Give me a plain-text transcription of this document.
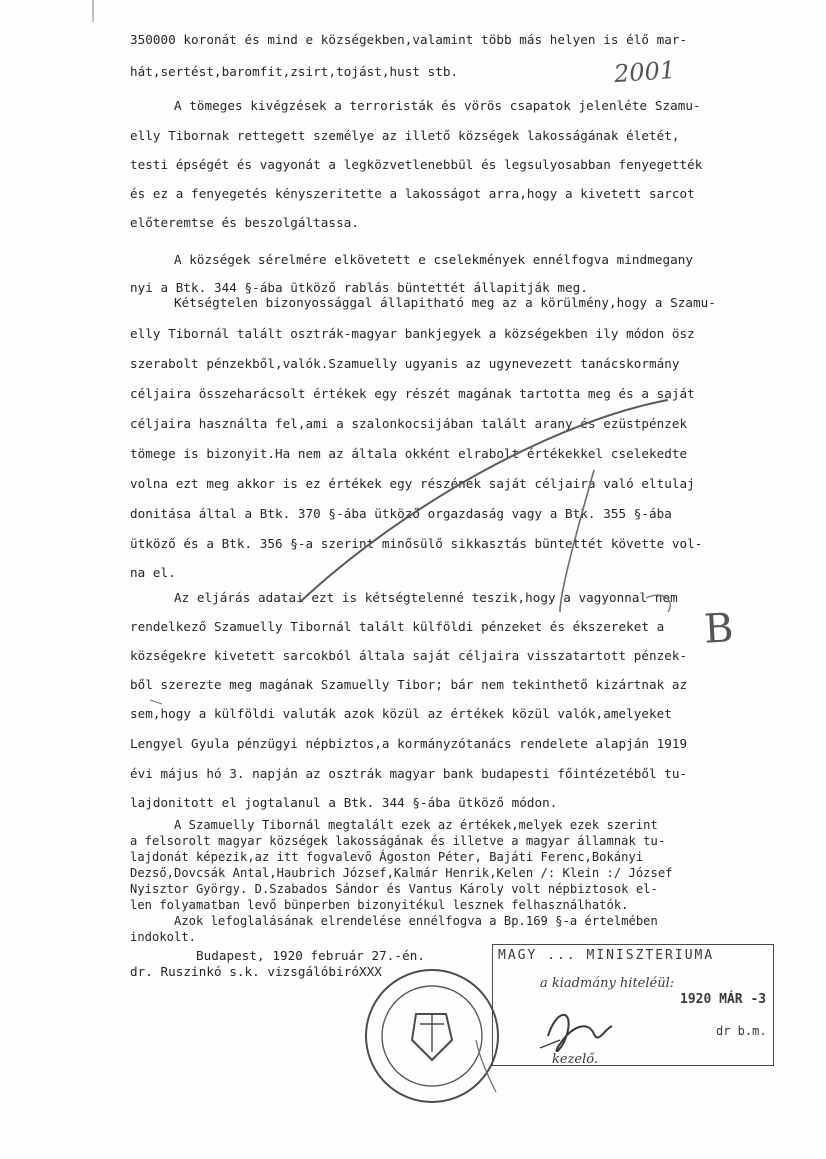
350000 koronát és mind e községekben,valamint több más helyen is élő mar-
hát,sertést,baromfit,zsirt,tojást,hust stb.
A tömeges kivégzések a terroristák és vörös csapatok jelenléte Szamu-
elly Tibornak rettegett személye az illető községek lakosságának életét,
testi épségét és vagyonát a legközvetlenebbül és legsulyosabban fenyegették
és ez a fenyegetés kényszeritette a lakosságot arra,hogy a kivetett sarcot
előteremtse és beszolgáltassa.
A községek sérelmére elkövetett e cselekmények ennélfogva mindmegany
nyi a Btk. 344 §-ába ütköző rablás büntettét állapitják meg.
Kétségtelen bizonyossággal állapitható meg az a körülmény,hogy a Szamu-
elly Tibornál talált osztrák-magyar bankjegyek a községekben ily módon ösz
szerabolt pénzekből,valók.Szamuelly ugyanis az ugynevezett tanácskormány
céljaira összeharácsolt értékek egy részét magának tartotta meg és a saját
céljaira használta fel,ami a szalonkocsijában talált arany és ezüstpénzek
tömege is bizonyit.Ha nem az általa okként elrabolt értékekkel cselekedte
volna ezt meg akkor is ez értékek egy részének saját céljaira való eltulaj
donitása által a Btk. 370 §-ába ütköző orgazdaság vagy a Btk. 355 §-ába
ütköző és a Btk. 356 §-a szerint minősülő sikkasztás büntettét követte vol-
na el.
Az eljárás adatai ezt is kétségtelenné teszik,hogy a vagyonnal nem
rendelkező Szamuelly Tibornál talált külföldi pénzeket és ékszereket a
községekre kivetett sarcokból általa saját céljaira visszatartott pénzek-
ből szerezte meg magának Szamuelly Tibor; bár nem tekinthető kizártnak az
sem,hogy a külföldi valuták azok közül az értékek közül valók,amelyeket
Lengyel Gyula pénzügyi népbiztos,a kormányzótanács rendelete alapján 1919
évi május hó 3. napján az osztrák magyar bank budapesti főintézetéből tu-
lajdonitott el jogtalanul a Btk. 344 §-ába ütköző módon.
A Szamuelly Tibornál megtalált ezek az értékek,melyek ezek szerint
a felsorolt magyar községek lakosságának és illetve a magyar államnak tu-
lajdonát képezik,az itt fogvalevő Ágoston Péter, Bajáti Ferenc,Bokányi
Dezső,Dovcsák Antal,Haubrich József,Kalmár Henrik,Kelen /: Klein :/ József
Nyisztor György. D.Szabados Sándor és Vantus Károly volt népbiztosok el-
len folyamatban levő bünperben bizonyitékul lesznek felhasználhatók.
Azok lefoglalásának elrendelése ennélfogva a Bp.169 §-a értelmében
indokolt.
Budapest, 1920 február 27.-én.
dr. Ruszinkó s.k. vizsgálóbiróXXX
2001
B
MAGY ... MINISZTERIUMA
a kiadmány hiteléül:
1920 MÁR -3
kezelő.
dr b.m.
